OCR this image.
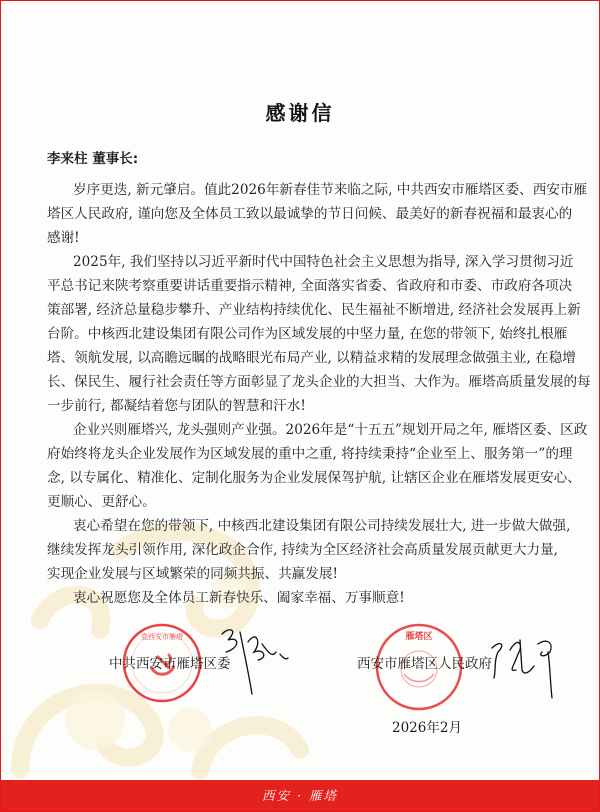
感谢信
李来柱 董事长:
岁序更迭, 新元肇启。值此2026年新春佳节来临之际, 中共西安市雁塔区委、西安市雁
塔区人民政府, 谨向您及全体员工致以最诚挚的节日问候、最美好的新春祝福和最衷心的
感谢!
2025年, 我们坚持以习近平新时代中国特色社会主义思想为指导, 深入学习贯彻习近
平总书记来陕考察重要讲话重要指示精神, 全面落实省委、省政府和市委、市政府各项决
策部署, 经济总量稳步攀升、产业结构持续优化、民生福祉不断增进, 经济社会发展再上新
台阶。中核西北建设集团有限公司作为区域发展的中坚力量, 在您的带领下, 始终扎根雁
塔、领航发展, 以高瞻远瞩的战略眼光布局产业, 以精益求精的发展理念做强主业, 在稳增
长、保民生、履行社会责任等方面彰显了龙头企业的大担当、大作为。雁塔高质量发展的每
一步前行, 都凝结着您与团队的智慧和汗水!
企业兴则雁塔兴, 龙头强则产业强。2026年是“十五五”规划开局之年, 雁塔区委、区政
府始终将龙头企业发展作为区域发展的重中之重, 将持续秉持“企业至上、服务第一”的理
念, 以专属化、精准化、定制化服务为企业发展保驾护航, 让辖区企业在雁塔发展更安心、
更顺心、更舒心。
衷心希望在您的带领下, 中核西北建设集团有限公司持续发展壮大, 进一步做大做强,
继续发挥龙头引领作用, 深化政企合作, 持续为全区经济社会高质量发展贡献更大力量,
实现企业发展与区域繁荣的同频共振、共赢发展!
衷心祝愿您及全体员工新春快乐、阖家幸福、万事顺意!
党西安市雁塔
中共西安市雁塔区委
雁塔区
西安市雁塔区人民政府
2026年2月
西安 · 雁塔
